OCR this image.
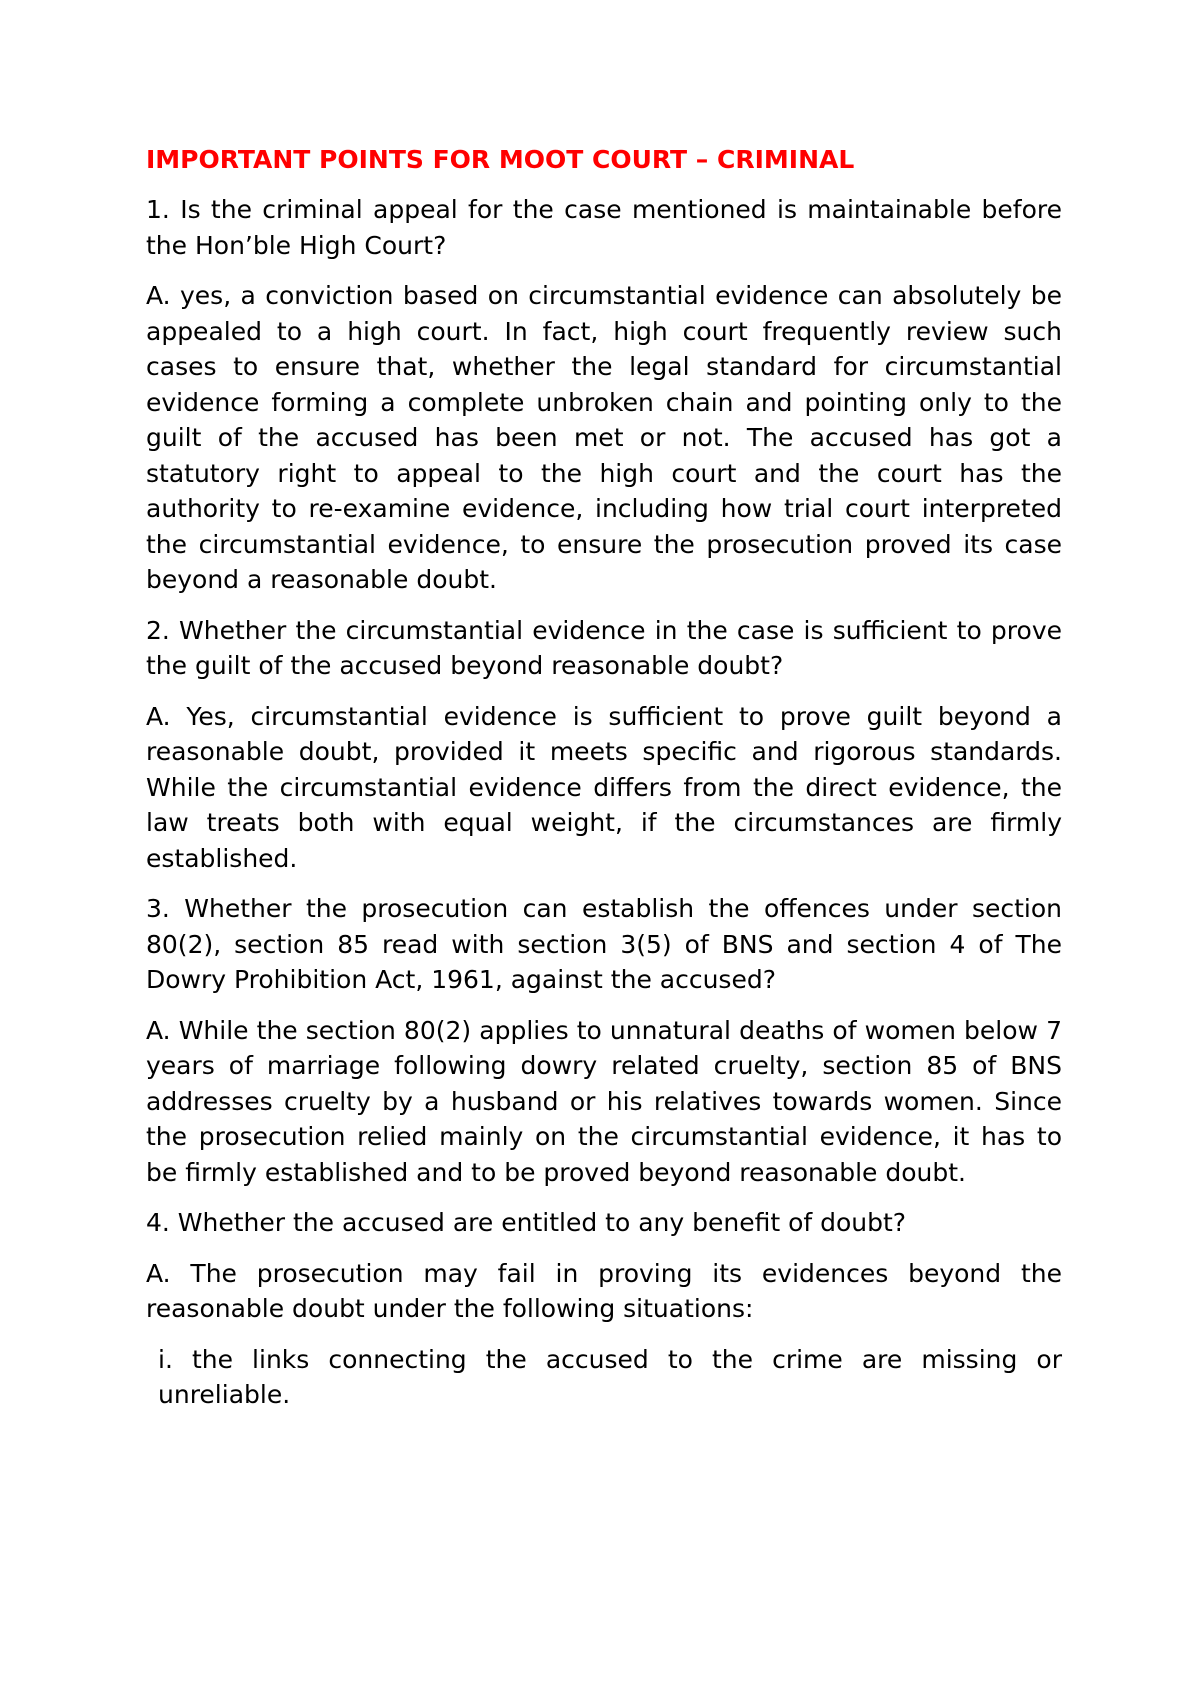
IMPORTANT POINTS FOR MOOT COURT – CRIMINAL

1. Is the criminal appeal for the case mentioned is maintainable before the Hon’ble High Court?

A. yes, a conviction based on circumstantial evidence can absolutely be appealed to a high court. In fact, high court frequently review such cases to ensure that, whether the legal standard for circumstantial evidence forming a complete unbroken chain and pointing only to the guilt of the accused has been met or not. The accused has got a statutory right to appeal to the high court and the court has the authority to re-examine evidence, including how trial court interpreted the circumstantial evidence, to ensure the prosecution proved its case beyond a reasonable doubt.

2. Whether the circumstantial evidence in the case is sufficient to prove the guilt of the accused beyond reasonable doubt?

A. Yes, circumstantial evidence is sufficient to prove guilt beyond a reasonable doubt, provided it meets specific and rigorous standards. While the circumstantial evidence differs from the direct evidence, the law treats both with equal weight, if the circumstances are firmly established.

3. Whether the prosecution can establish the offences under section 80(2), section 85 read with section 3(5) of BNS and section 4 of The Dowry Prohibition Act, 1961, against the accused?

A. While the section 80(2) applies to unnatural deaths of women below 7 years of marriage following dowry related cruelty, section 85 of BNS addresses cruelty by a husband or his relatives towards women. Since the prosecution relied mainly on the circumstantial evidence, it has to be firmly established and to be proved beyond reasonable doubt.

4. Whether the accused are entitled to any benefit of doubt?

A. The prosecution may fail in proving its evidences beyond the reasonable doubt under the following situations:

i. the links connecting the accused to the crime are missing or unreliable.
